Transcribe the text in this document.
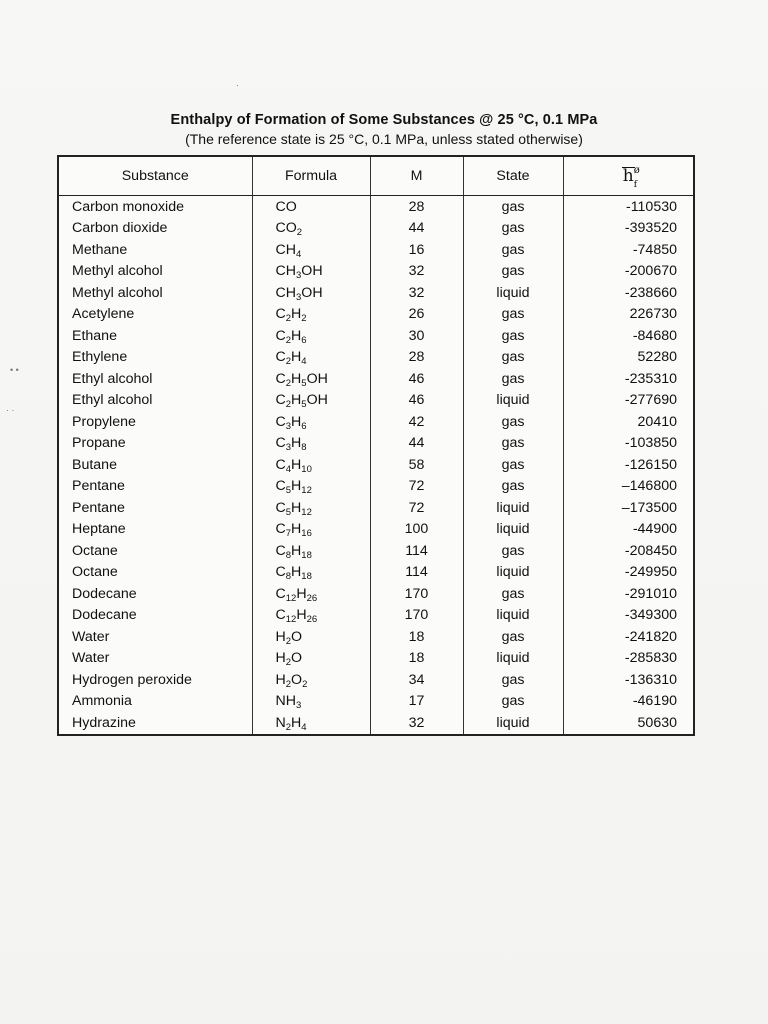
Enthalpy of Formation of Some Substances @ 25 °C, 0.1 MPa
(The reference state is 25 °C, 0.1 MPa, unless stated otherwise)
Substance	Formula	M	State	h ø
f

Carbon monoxide	CO	28	gas	-110530
Carbon dioxide	$CO_2$	44	gas	-393520
Methane	$CH_4$	16	gas	-74850
Methyl alcohol	$CH_3OH$	32	gas	-200670
Methyl alcohol	$CH_3OH$	32	liquid	-238660
Acetylene	$C_2H_2$	26	gas	226730
Ethane	$C_2H_6$	30	gas	-84680
Ethylene	$C_2H_4$	28	gas	52280
Ethyl alcohol	$C_2H_5OH$	46	gas	-235310
Ethyl alcohol	$C_2H_5OH$	46	liquid	-277690
Propylene	$C_3H_6$	42	gas	20410
Propane	$C_3H_8$	44	gas	-103850
Butane	$C_4H_{10}$	58	gas	-126150
Pentane	$C_5H_{12}$	72	gas	–146800
Pentane	$C_5H_{12}$	72	liquid	–173500
Heptane	$C_7H_{16}$	100	liquid	-44900
Octane	$C_8H_{18}$	114	gas	-208450
Octane	$C_8H_{18}$	114	liquid	-249950
Dodecane	$C_{12}H_{26}$	170	gas	-291010
Dodecane	$C_{12}H_{26}$	170	liquid	-349300
Water	$H_2O$	18	gas	-241820
Water	$H_2O$	18	liquid	-285830
Hydrogen peroxide	$H_2O_2$	34	gas	-136310
Ammonia	$NH_3$	17	gas	-46190
Hydrazine	$N_2H_4$	32	liquid	50630
• •
· ·
·
